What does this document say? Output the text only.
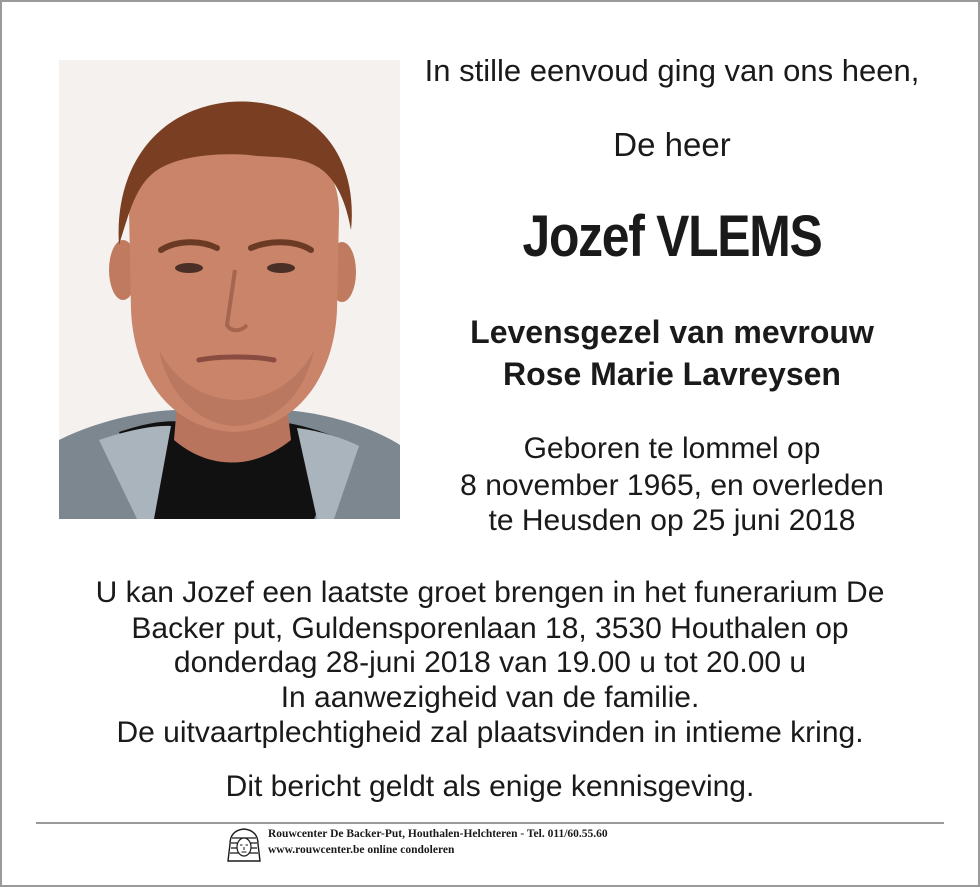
In stille eenvoud ging van ons heen,
De heer
Jozef VLEMS
Levensgezel van mevrouw
Rose Marie Lavreysen
Geboren te lommel op
8 november 1965, en overleden
te Heusden op 25 juni 2018
U kan Jozef een laatste groet brengen in het funerarium De
Backer put, Guldensporenlaan 18, 3530 Houthalen op
donderdag 28-juni 2018 van 19.00 u tot 20.00 u
In aanwezigheid van de familie.
De uitvaartplechtigheid zal plaatsvinden in intieme kring.
Dit bericht geldt als enige kennisgeving.
Rouwcenter De Backer-Put, Houthalen-Helchteren - Tel. 011/60.55.60
www.rouwcenter.be online condoleren
